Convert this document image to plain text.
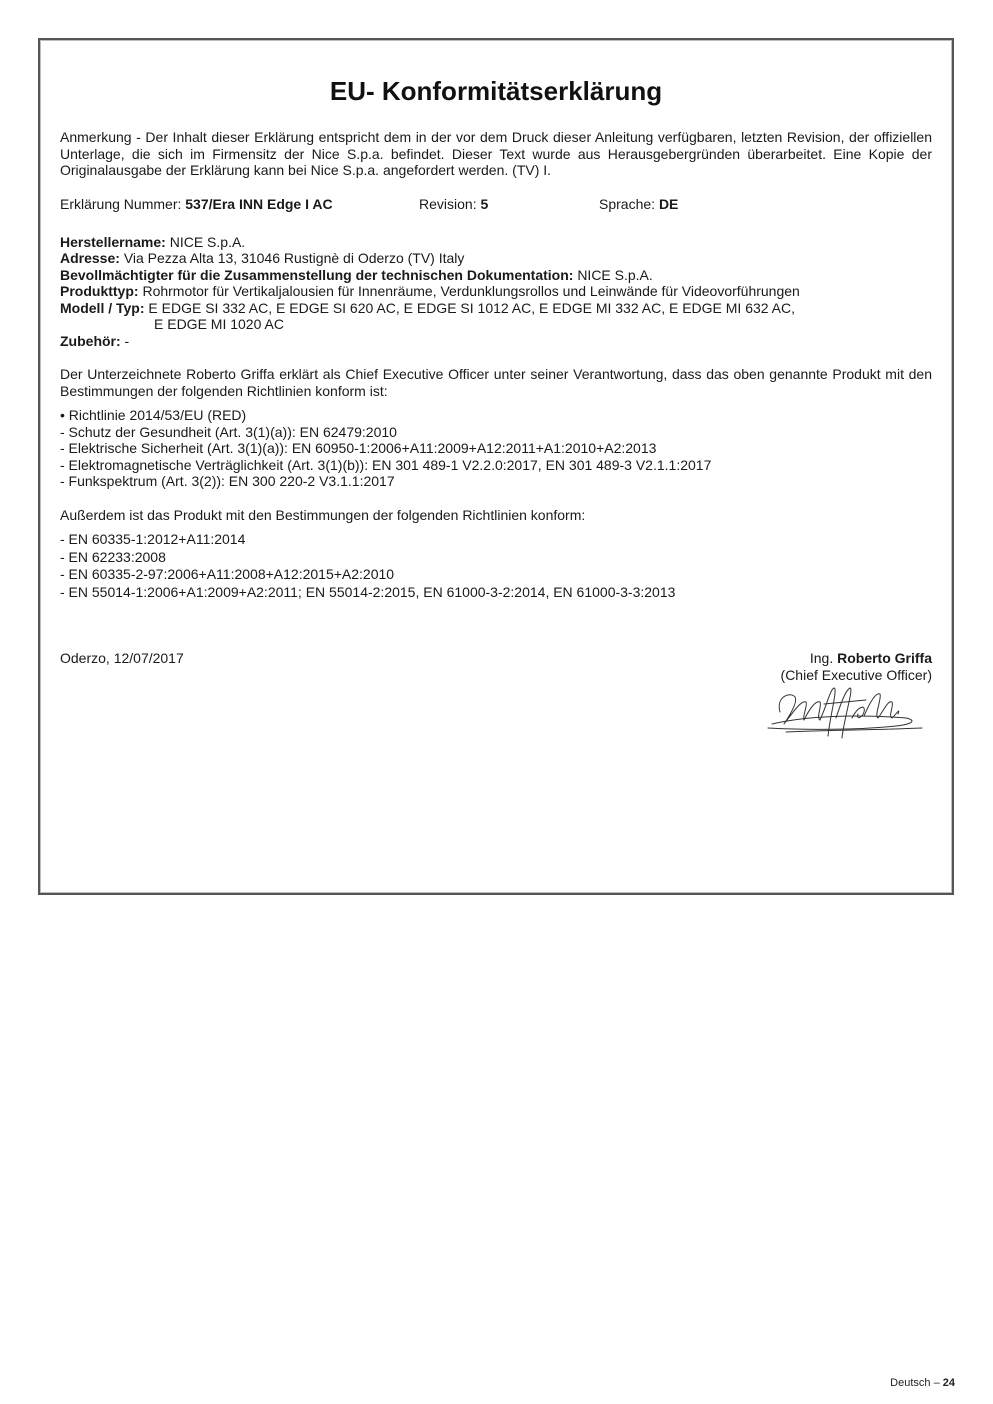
EU- Konformitätserklärung

Anmerkung - Der Inhalt dieser Erklärung entspricht dem in der vor dem Druck dieser Anleitung verfügbaren, letzten Revision, der offiziellen Unterlage, die sich im Firmensitz der Nice S.p.a. befindet. Dieser Text wurde aus Herausgebergründen überarbeitet. Eine Kopie der Originalausgabe der Erklärung kann bei Nice S.p.a. angefordert werden. (TV) I.

Erklärung Nummer: 537/Era INN Edge I AC	Revision: 5	Sprache: DE
Herstellername: NICE S.p.A.
Adresse: Via Pezza Alta 13, 31046 Rustignè di Oderzo (TV) Italy
Bevollmächtigter für die Zusammenstellung der technischen Dokumentation: NICE S.p.A.
Produkttyp: Rohrmotor für Vertikaljalousien für Innenräume, Verdunklungsrollos und Leinwände für Videovorführungen
Modell / Typ: E EDGE SI 332 AC, E EDGE SI 620 AC, E EDGE SI 1012 AC, E EDGE MI 332 AC, E EDGE MI 632 AC,
E EDGE MI 1020 AC
Zubehör: -

Der Unterzeichnete Roberto Griffa erklärt als Chief Executive Officer unter seiner Verantwortung, dass das oben genannte Produkt mit den Bestimmungen der folgenden Richtlinien konform ist:

• Richtlinie 2014/53/EU (RED)
- Schutz der Gesundheit (Art. 3(1)(a)): EN 62479:2010
- Elektrische Sicherheit (Art. 3(1)(a)): EN 60950-1:2006+A11:2009+A12:2011+A1:2010+A2:2013
- Elektromagnetische Verträglichkeit (Art. 3(1)(b)): EN 301 489-1 V2.2.0:2017, EN 301 489-3 V2.1.1:2017
- Funkspektrum (Art. 3(2)): EN 300 220-2 V3.1.1:2017

Außerdem ist das Produkt mit den Bestimmungen der folgenden Richtlinien konform:

- EN 60335-1:2012+A11:2014
- EN 62233:2008
- EN 60335-2-97:2006+A11:2008+A12:2015+A2:2010
- EN 55014-1:2006+A1:2009+A2:2011; EN 55014-2:2015, EN 61000-3-2:2014, EN 61000-3-3:2013
Oderzo, 12/07/2017	Ing. Roberto Griffa
(Chief Executive Officer)
Deutsch – 24
